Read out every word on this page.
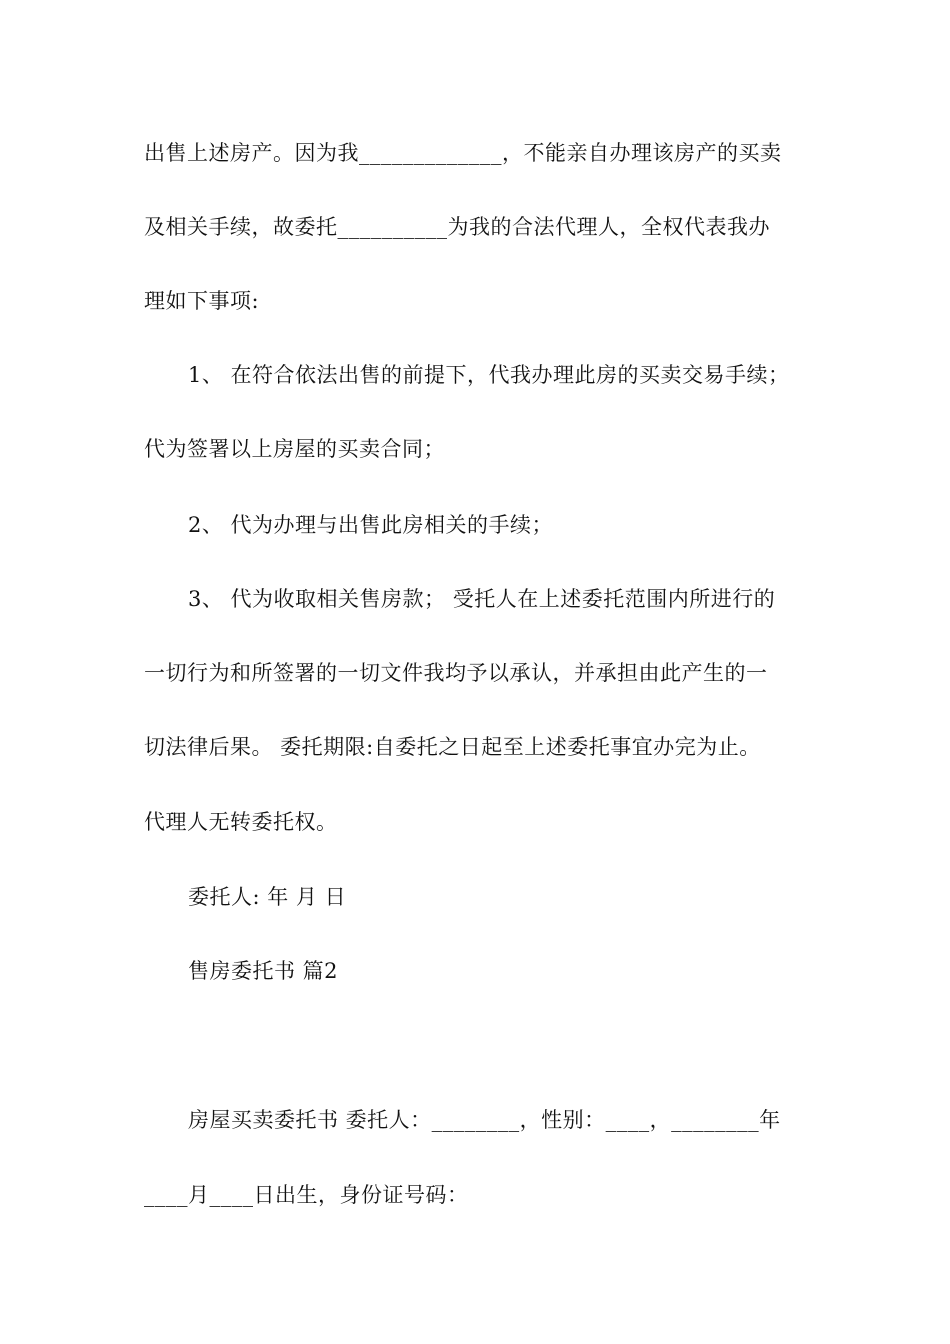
出售上述房产。因为我_____________，不能亲自办理该房产的买卖
及相关手续，故委托__________为我的合法代理人，全权代表我办
理如下事项:
1、 在符合依法出售的前提下，代我办理此房的买卖交易手续；
代为签署以上房屋的买卖合同；
2、 代为办理与出售此房相关的手续；
3、 代为收取相关售房款； 受托人在上述委托范围内所进行的
一切行为和所签署的一切文件我均予以承认，并承担由此产生的一
切法律后果。 委托期限:自委托之日起至上述委托事宜办完为止。
代理人无转委托权。
委托人: 年 月 日
售房委托书 篇2
房屋买卖委托书 委托人：________，性别：____，________年
____月____日出生，身份证号码：
